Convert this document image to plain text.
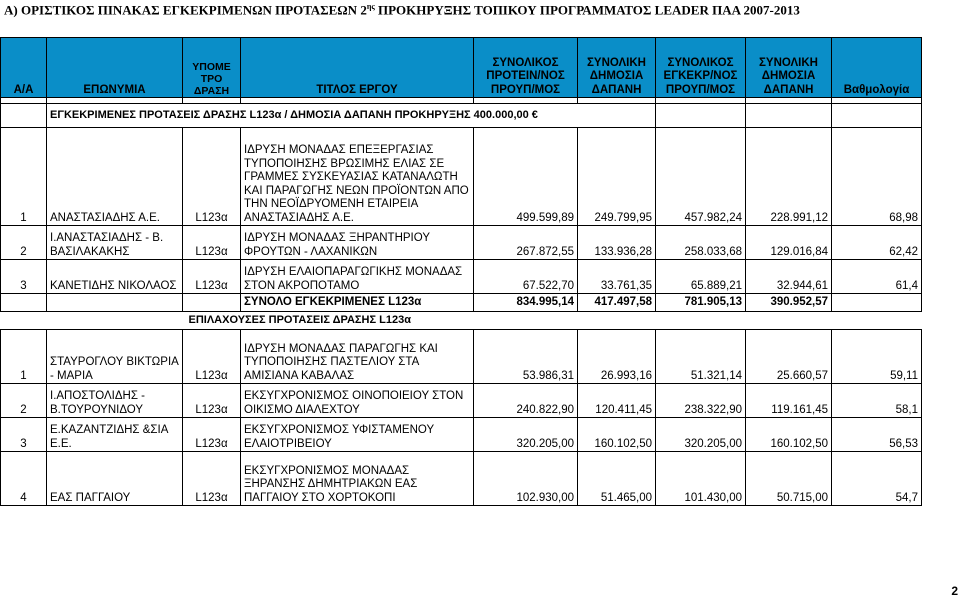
Α) ΟΡΙΣΤΙΚΟΣ ΠΙΝΑΚΑΣ ΕΓΚΕΚΡΙΜΕΝΩΝ ΠΡΟΤΑΣΕΩΝ $2^{\eta\varsigma}$ ΠΡΟΚΗΡΥΞΗΣ ΤΟΠΙΚΟΥ ΠΡΟΓΡΑΜΜΑΤΟΣ LEADER ΠΑΑ 2007-2013
Α/Α	ΕΠΩΝΥΜΙΑ	ΥΠΟΜΕ ΤΡΟ ΔΡΑΣΗ	ΤΙΤΛΟΣ ΕΡΓΟΥ	ΣΥΝΟΛΙΚΟΣ ΠΡΟΤΕΙΝ/ΝΟΣ ΠΡΟΥΠ/ΜΟΣ	ΣΥΝΟΛΙΚΗ ΔΗΜΟΣΙΑ ΔΑΠΑΝΗ	ΣΥΝΟΛΙΚΟΣ ΕΓΚΕΚΡ/ΝΟΣ ΠΡΟΥΠ/ΜΟΣ	ΣΥΝΟΛΙΚΗ ΔΗΜΟΣΙΑ ΔΑΠΑΝΗ	Βαθμολογία

	ΕΓΚΕΚΡΙΜΕΝΕΣ ΠΡΟΤΑΣΕΙΣ ΔΡΑΣΗΣ L123α / ΔΗΜΟΣΙΑ ΔΑΠΑΝΗ ΠΡΟΚΗΡΥΞΗΣ 400.000,00 €							
1	ΑΝΑΣΤΑΣΙΑΔΗΣ Α.Ε.	L123α	ΙΔΡΥΣΗ ΜΟΝΑΔΑΣ ΕΠΕΞΕΡΓΑΣΙΑΣ ΤΥΠΟΠΟΙΗΣΗΣ ΒΡΩΣΙΜΗΣ ΕΛΙΑΣ ΣΕ ΓΡΑΜΜΕΣ ΣΥΣΚΕΥΑΣΙΑΣ ΚΑΤΑΝΑΛΩΤΗ ΚΑΙ ΠΑΡΑΓΩΓΗΣ ΝΕΩΝ ΠΡΟΪΟΝΤΩΝ ΑΠΟ ΤΗΝ ΝΕΟΪΔΡΥΟΜΕΝΗ ΕΤΑΙΡΕΙΑ ΑΝΑΣΤΑΣΙΑΔΗΣ Α.Ε.	499.599,89	249.799,95	457.982,24	228.991,12	68,98
2	Ι.ΑΝΑΣΤΑΣΙΑΔΗΣ - Β. ΒΑΣΙΛΑΚΑΚΗΣ	L123α	ΙΔΡΥΣΗ ΜΟΝΑΔΑΣ ΞΗΡΑΝΤΗΡΙΟΥ ΦΡΟΥΤΩΝ - ΛΑΧΑΝΙΚΩΝ	267.872,55	133.936,28	258.033,68	129.016,84	62,42
3	ΚΑΝΕΤΙΔΗΣ ΝΙΚΟΛΑΟΣ	L123α	ΙΔΡΥΣΗ ΕΛΑΙΟΠΑΡΑΓΩΓΙΚΗΣ ΜΟΝΑΔΑΣ ΣΤΟΝ ΑΚΡΟΠΟΤΑΜΟ	67.522,70	33.761,35	65.889,21	32.944,61	61,4
			ΣΥΝΟΛΟ ΕΓΚΕΚΡΙΜΕΝΕΣ L123α	834.995,14	417.497,58	781.905,13	390.952,57	
		ΕΠΙΛΑΧΟΥΣΕΣ ΠΡΟΤΑΣΕΙΣ ΔΡΑΣΗΣ L123α						
1	ΣΤΑΥΡΟΓΛΟΥ ΒΙΚΤΩΡΙΑ - ΜΑΡΙΑ	L123α	ΙΔΡΥΣΗ ΜΟΝΑΔΑΣ ΠΑΡΑΓΩΓΗΣ ΚΑΙ ΤΥΠΟΠΟΙΗΣΗΣ ΠΑΣΤΕΛΙΟΥ ΣΤΑ ΑΜΙΣΙΑΝΑ ΚΑΒΑΛΑΣ	53.986,31	26.993,16	51.321,14	25.660,57	59,11
2	Ι.ΑΠΟΣΤΟΛΙΔΗΣ - Β.ΤΟΥΡΟΥΝΙΔΟΥ	L123α	ΕΚΣΥΓΧΡΟΝΙΣΜΟΣ ΟΙΝΟΠΟΙΕΙΟΥ ΣΤΟΝ ΟΙΚΙΣΜΟ ΔΙΑΛΕΧΤΟΥ	240.822,90	120.411,45	238.322,90	119.161,45	58,1
3	Ε.ΚΑΖΑΝΤΖΙΔΗΣ &ΣΙΑ Ε.Ε.	L123α	ΕΚΣΥΓΧΡΟΝΙΣΜΟΣ ΥΦΙΣΤΑΜΕΝΟΥ ΕΛΑΙΟΤΡΙΒΕΙΟΥ	320.205,00	160.102,50	320.205,00	160.102,50	56,53
4	ΕΑΣ ΠΑΓΓΑΙΟΥ	L123α	ΕΚΣΥΓΧΡΟΝΙΣΜΟΣ ΜΟΝΑΔΑΣ ΞΗΡΑΝΣΗΣ ΔΗΜΗΤΡΙΑΚΩΝ ΕΑΣ ΠΑΓΓΑΙΟΥ ΣΤΟ ΧΟΡΤΟΚΟΠΙ	102.930,00	51.465,00	101.430,00	50.715,00	54,7
2
